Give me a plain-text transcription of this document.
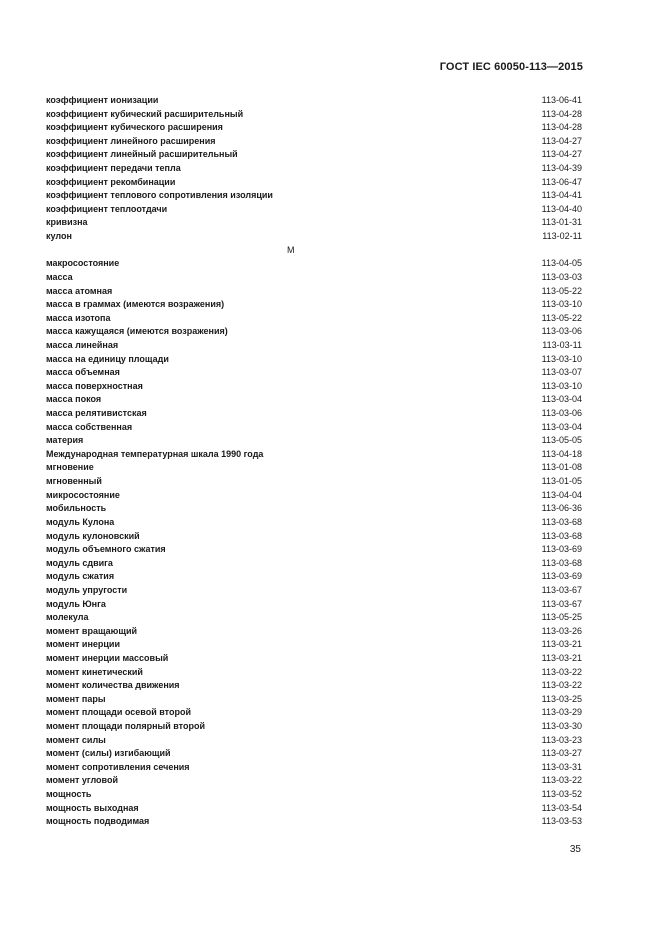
ГОСТ IEC 60050-113—2015
коэффициент ионизации	113-06-41
коэффициент кубический расширительный	113-04-28
коэффициент кубического расширения	113-04-28
коэффициент линейного расширения	113-04-27
коэффициент линейный расширительный	113-04-27
коэффициент передачи тепла	113-04-39
коэффициент рекомбинации	113-06-47
коэффициент теплового сопротивления изоляции	113-04-41
коэффициент теплоотдачи	113-04-40
кривизна	113-01-31
кулон	113-02-11
М
макросостояние	113-04-05
масса	113-03-03
масса атомная	113-05-22
масса в граммах (имеются возражения)	113-03-10
масса изотопа	113-05-22
масса кажущаяся (имеются возражения)	113-03-06
масса линейная	113-03-11
масса на единицу площади	113-03-10
масса объемная	113-03-07
масса поверхностная	113-03-10
масса покоя	113-03-04
масса релятивистская	113-03-06
масса собственная	113-03-04
материя	113-05-05
Международная температурная шкала 1990 года	113-04-18
мгновение	113-01-08
мгновенный	113-01-05
микросостояние	113-04-04
мобильность	113-06-36
модуль Кулона	113-03-68
модуль кулоновский	113-03-68
модуль объемного сжатия	113-03-69
модуль сдвига	113-03-68
модуль сжатия	113-03-69
модуль упругости	113-03-67
модуль Юнга	113-03-67
молекула	113-05-25
момент вращающий	113-03-26
момент инерции	113-03-21
момент инерции массовый	113-03-21
момент кинетический	113-03-22
момент количества движения	113-03-22
момент пары	113-03-25
момент площади осевой второй	113-03-29
момент площади полярный второй	113-03-30
момент силы	113-03-23
момент (силы) изгибающий	113-03-27
момент сопротивления сечения	113-03-31
момент угловой	113-03-22
мощность	113-03-52
мощность выходная	113-03-54
мощность подводимая	113-03-53
35
